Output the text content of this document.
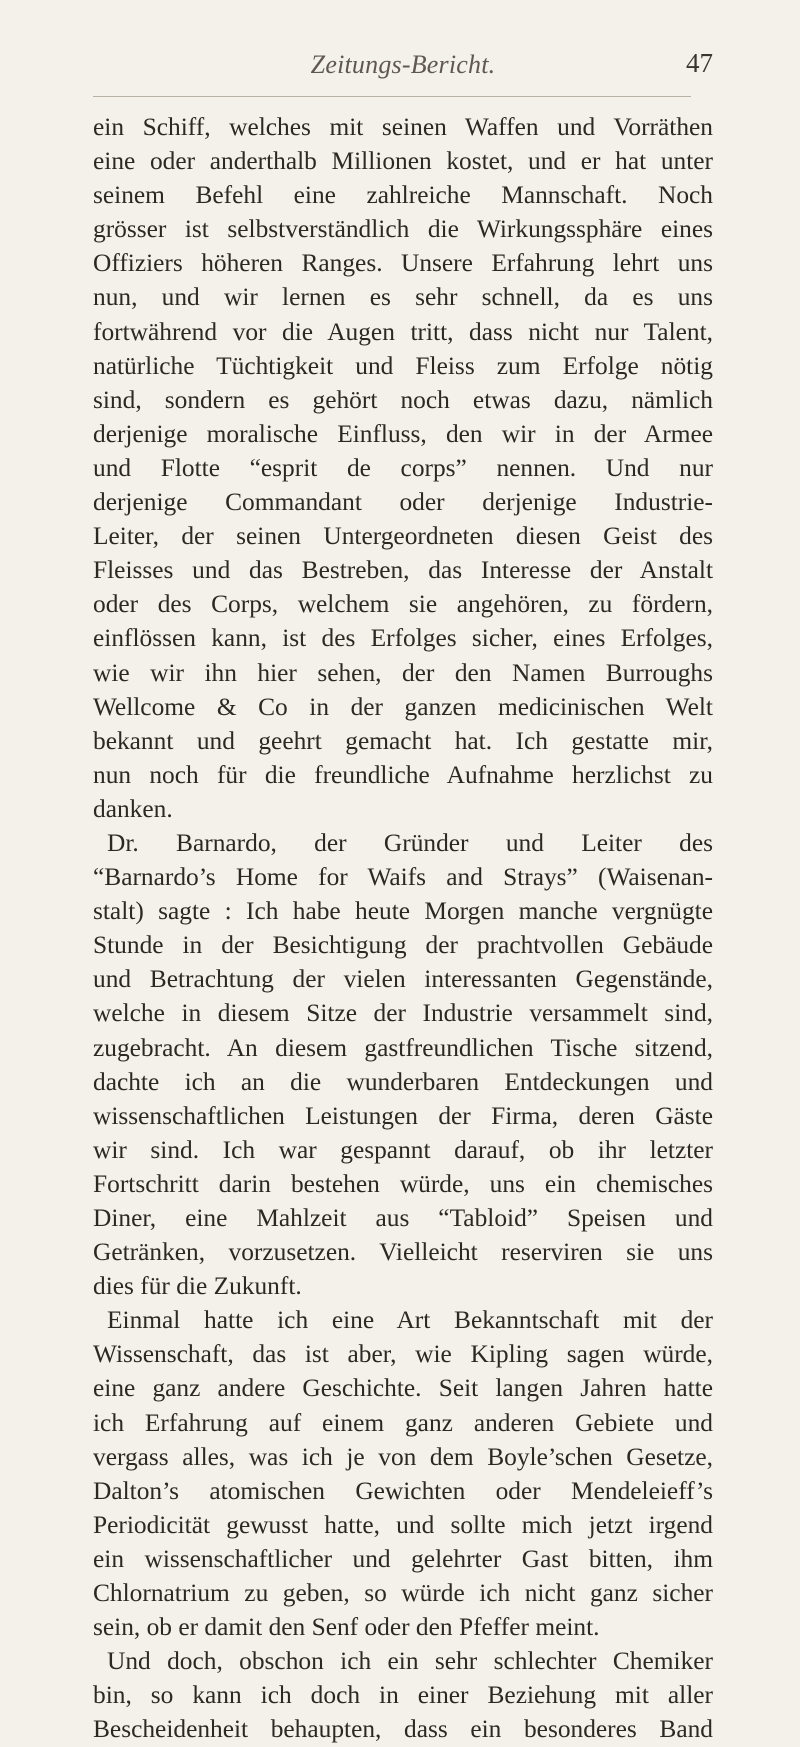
Zeitungs-Bericht.	47
ein Schiff, welches mit seinen Waffen und Vorräthen
eine oder anderthalb Millionen kostet, und er hat unter
seinem Befehl eine zahlreiche Mannschaft. Noch
grösser ist selbstverständlich die Wirkungssphäre eines
Offiziers höheren Ranges. Unsere Erfahrung lehrt uns
nun, und wir lernen es sehr schnell, da es uns
fortwährend vor die Augen tritt, dass nicht nur Talent,
natürliche Tüchtigkeit und Fleiss zum Erfolge nötig
sind, sondern es gehört noch etwas dazu, nämlich
derjenige moralische Einfluss, den wir in der Armee
und Flotte “esprit de corps” nennen. Und nur
derjenige Commandant oder derjenige Industrie-
Leiter, der seinen Untergeordneten diesen Geist des
Fleisses und das Bestreben, das Interesse der Anstalt
oder des Corps, welchem sie angehören, zu fördern,
einflössen kann, ist des Erfolges sicher, eines Erfolges,
wie wir ihn hier sehen, der den Namen Burroughs
Wellcome & Co in der ganzen medicinischen Welt
bekannt und geehrt gemacht hat. Ich gestatte mir,
nun noch für die freundliche Aufnahme herzlichst zu
danken.
Dr. Barnardo, der Gründer und Leiter des
“Barnardo’s Home for Waifs and Strays” (Waisenan-
stalt) sagte : Ich habe heute Morgen manche vergnügte
Stunde in der Besichtigung der prachtvollen Gebäude
und Betrachtung der vielen interessanten Gegenstände,
welche in diesem Sitze der Industrie versammelt sind,
zugebracht. An diesem gastfreundlichen Tische sitzend,
dachte ich an die wunderbaren Entdeckungen und
wissenschaftlichen Leistungen der Firma, deren Gäste
wir sind. Ich war gespannt darauf, ob ihr letzter
Fortschritt darin bestehen würde, uns ein chemisches
Diner, eine Mahlzeit aus “Tabloid” Speisen und
Getränken, vorzusetzen. Vielleicht reserviren sie uns
dies für die Zukunft.
Einmal hatte ich eine Art Bekanntschaft mit der
Wissenschaft, das ist aber, wie Kipling sagen würde,
eine ganz andere Geschichte. Seit langen Jahren hatte
ich Erfahrung auf einem ganz anderen Gebiete und
vergass alles, was ich je von dem Boyle’schen Gesetze,
Dalton’s atomischen Gewichten oder Mendeleieff’s
Periodicität gewusst hatte, und sollte mich jetzt irgend
ein wissenschaftlicher und gelehrter Gast bitten, ihm
Chlornatrium zu geben, so würde ich nicht ganz sicher
sein, ob er damit den Senf oder den Pfeffer meint.
Und doch, obschon ich ein sehr schlechter Chemiker
bin, so kann ich doch in einer Beziehung mit aller
Bescheidenheit behaupten, dass ein besonderes Band
